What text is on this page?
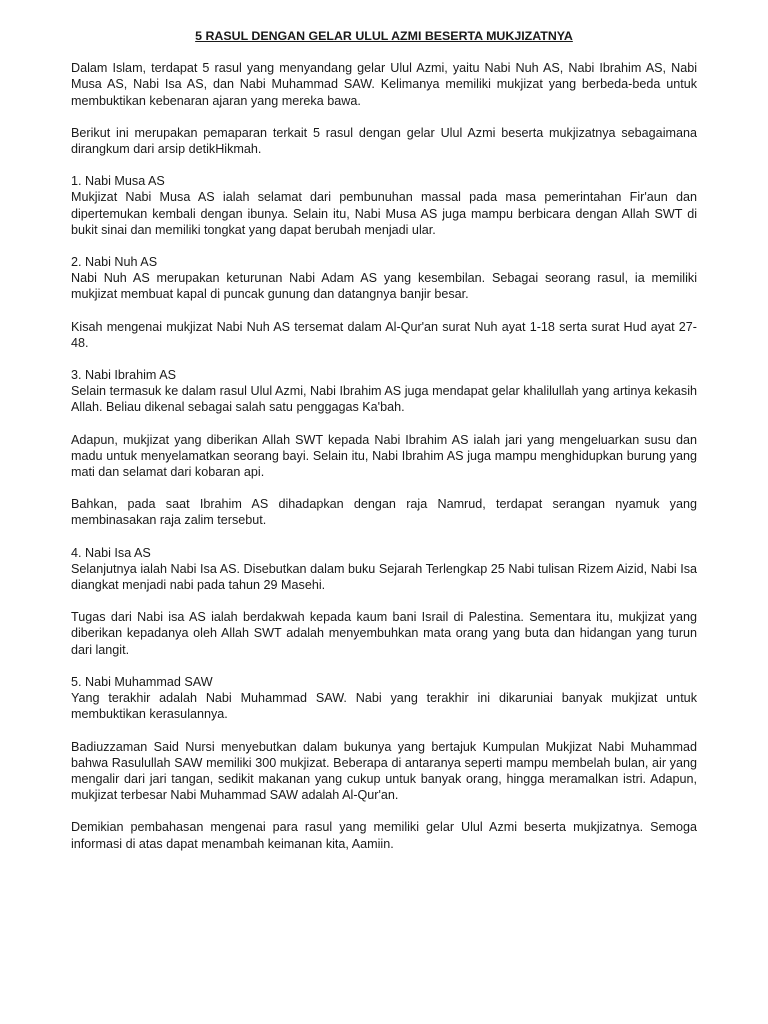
5 RASUL DENGAN GELAR ULUL AZMI BESERTA MUKJIZATNYA
Dalam Islam, terdapat 5 rasul yang menyandang gelar Ulul Azmi, yaitu Nabi Nuh AS, Nabi Ibrahim AS, Nabi Musa AS, Nabi Isa AS, dan Nabi Muhammad SAW. Kelimanya memiliki mukjizat yang berbeda-beda untuk membuktikan kebenaran ajaran yang mereka bawa.
Berikut ini merupakan pemaparan terkait 5 rasul dengan gelar Ulul Azmi beserta mukjizatnya sebagaimana dirangkum dari arsip detikHikmah.
1. Nabi Musa AS
Mukjizat Nabi Musa AS ialah selamat dari pembunuhan massal pada masa pemerintahan Fir'aun dan dipertemukan kembali dengan ibunya. Selain itu, Nabi Musa AS juga mampu berbicara dengan Allah SWT di bukit sinai dan memiliki tongkat yang dapat berubah menjadi ular.
2. Nabi Nuh AS
Nabi Nuh AS merupakan keturunan Nabi Adam AS yang kesembilan. Sebagai seorang rasul, ia memiliki mukjizat membuat kapal di puncak gunung dan datangnya banjir besar.
Kisah mengenai mukjizat Nabi Nuh AS tersemat dalam Al-Qur'an surat Nuh ayat 1-18 serta surat Hud ayat 27-48.
3. Nabi Ibrahim AS
Selain termasuk ke dalam rasul Ulul Azmi, Nabi Ibrahim AS juga mendapat gelar khalilullah yang artinya kekasih Allah. Beliau dikenal sebagai salah satu penggagas Ka'bah.
Adapun, mukjizat yang diberikan Allah SWT kepada Nabi Ibrahim AS ialah jari yang mengeluarkan susu dan madu untuk menyelamatkan seorang bayi. Selain itu, Nabi Ibrahim AS juga mampu menghidupkan burung yang mati dan selamat dari kobaran api.
Bahkan, pada saat Ibrahim AS dihadapkan dengan raja Namrud, terdapat serangan nyamuk yang membinasakan raja zalim tersebut.
4. Nabi Isa AS
Selanjutnya ialah Nabi Isa AS. Disebutkan dalam buku Sejarah Terlengkap 25 Nabi tulisan Rizem Aizid, Nabi Isa diangkat menjadi nabi pada tahun 29 Masehi.
Tugas dari Nabi isa AS ialah berdakwah kepada kaum bani Israil di Palestina. Sementara itu, mukjizat yang diberikan kepadanya oleh Allah SWT adalah menyembuhkan mata orang yang buta dan hidangan yang turun dari langit.
5. Nabi Muhammad SAW
Yang terakhir adalah Nabi Muhammad SAW. Nabi yang terakhir ini dikaruniai banyak mukjizat untuk membuktikan kerasulannya.
Badiuzzaman Said Nursi menyebutkan dalam bukunya yang bertajuk Kumpulan Mukjizat Nabi Muhammad bahwa Rasulullah SAW memiliki 300 mukjizat. Beberapa di antaranya seperti mampu membelah bulan, air yang mengalir dari jari tangan, sedikit makanan yang cukup untuk banyak orang, hingga meramalkan istri. Adapun, mukjizat terbesar Nabi Muhammad SAW adalah Al-Qur'an.
Demikian pembahasan mengenai para rasul yang memiliki gelar Ulul Azmi beserta mukjizatnya. Semoga informasi di atas dapat menambah keimanan kita, Aamiin.
